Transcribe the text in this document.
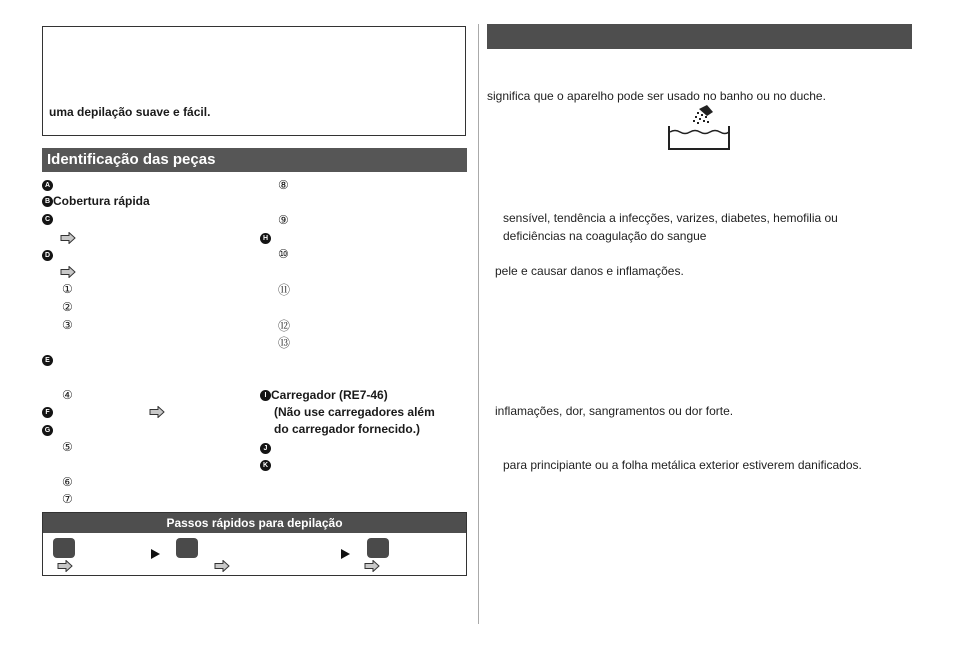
uma depilação suave e fácil.
Identificação das peças
A
B Cobertura rápida
C
D
①
②
③
E
④
F
G
⑤
⑥
⑦
⑧
⑨
H
⑩
⑪
⑫
⑬
I Carregador (RE7-46)
(Não use carregadores além
do carregador fornecido.)
J
K
Passos rápidos para depilação
significa que o aparelho pode ser usado no banho ou no duche.
sensível, tendência a infecções, varizes, diabetes, hemofilia ou
deficiências na coagulação do sangue
pele e causar danos e inflamações.
inflamações, dor, sangramentos ou dor forte.
para principiante ou a folha metálica exterior estiverem danificados.
